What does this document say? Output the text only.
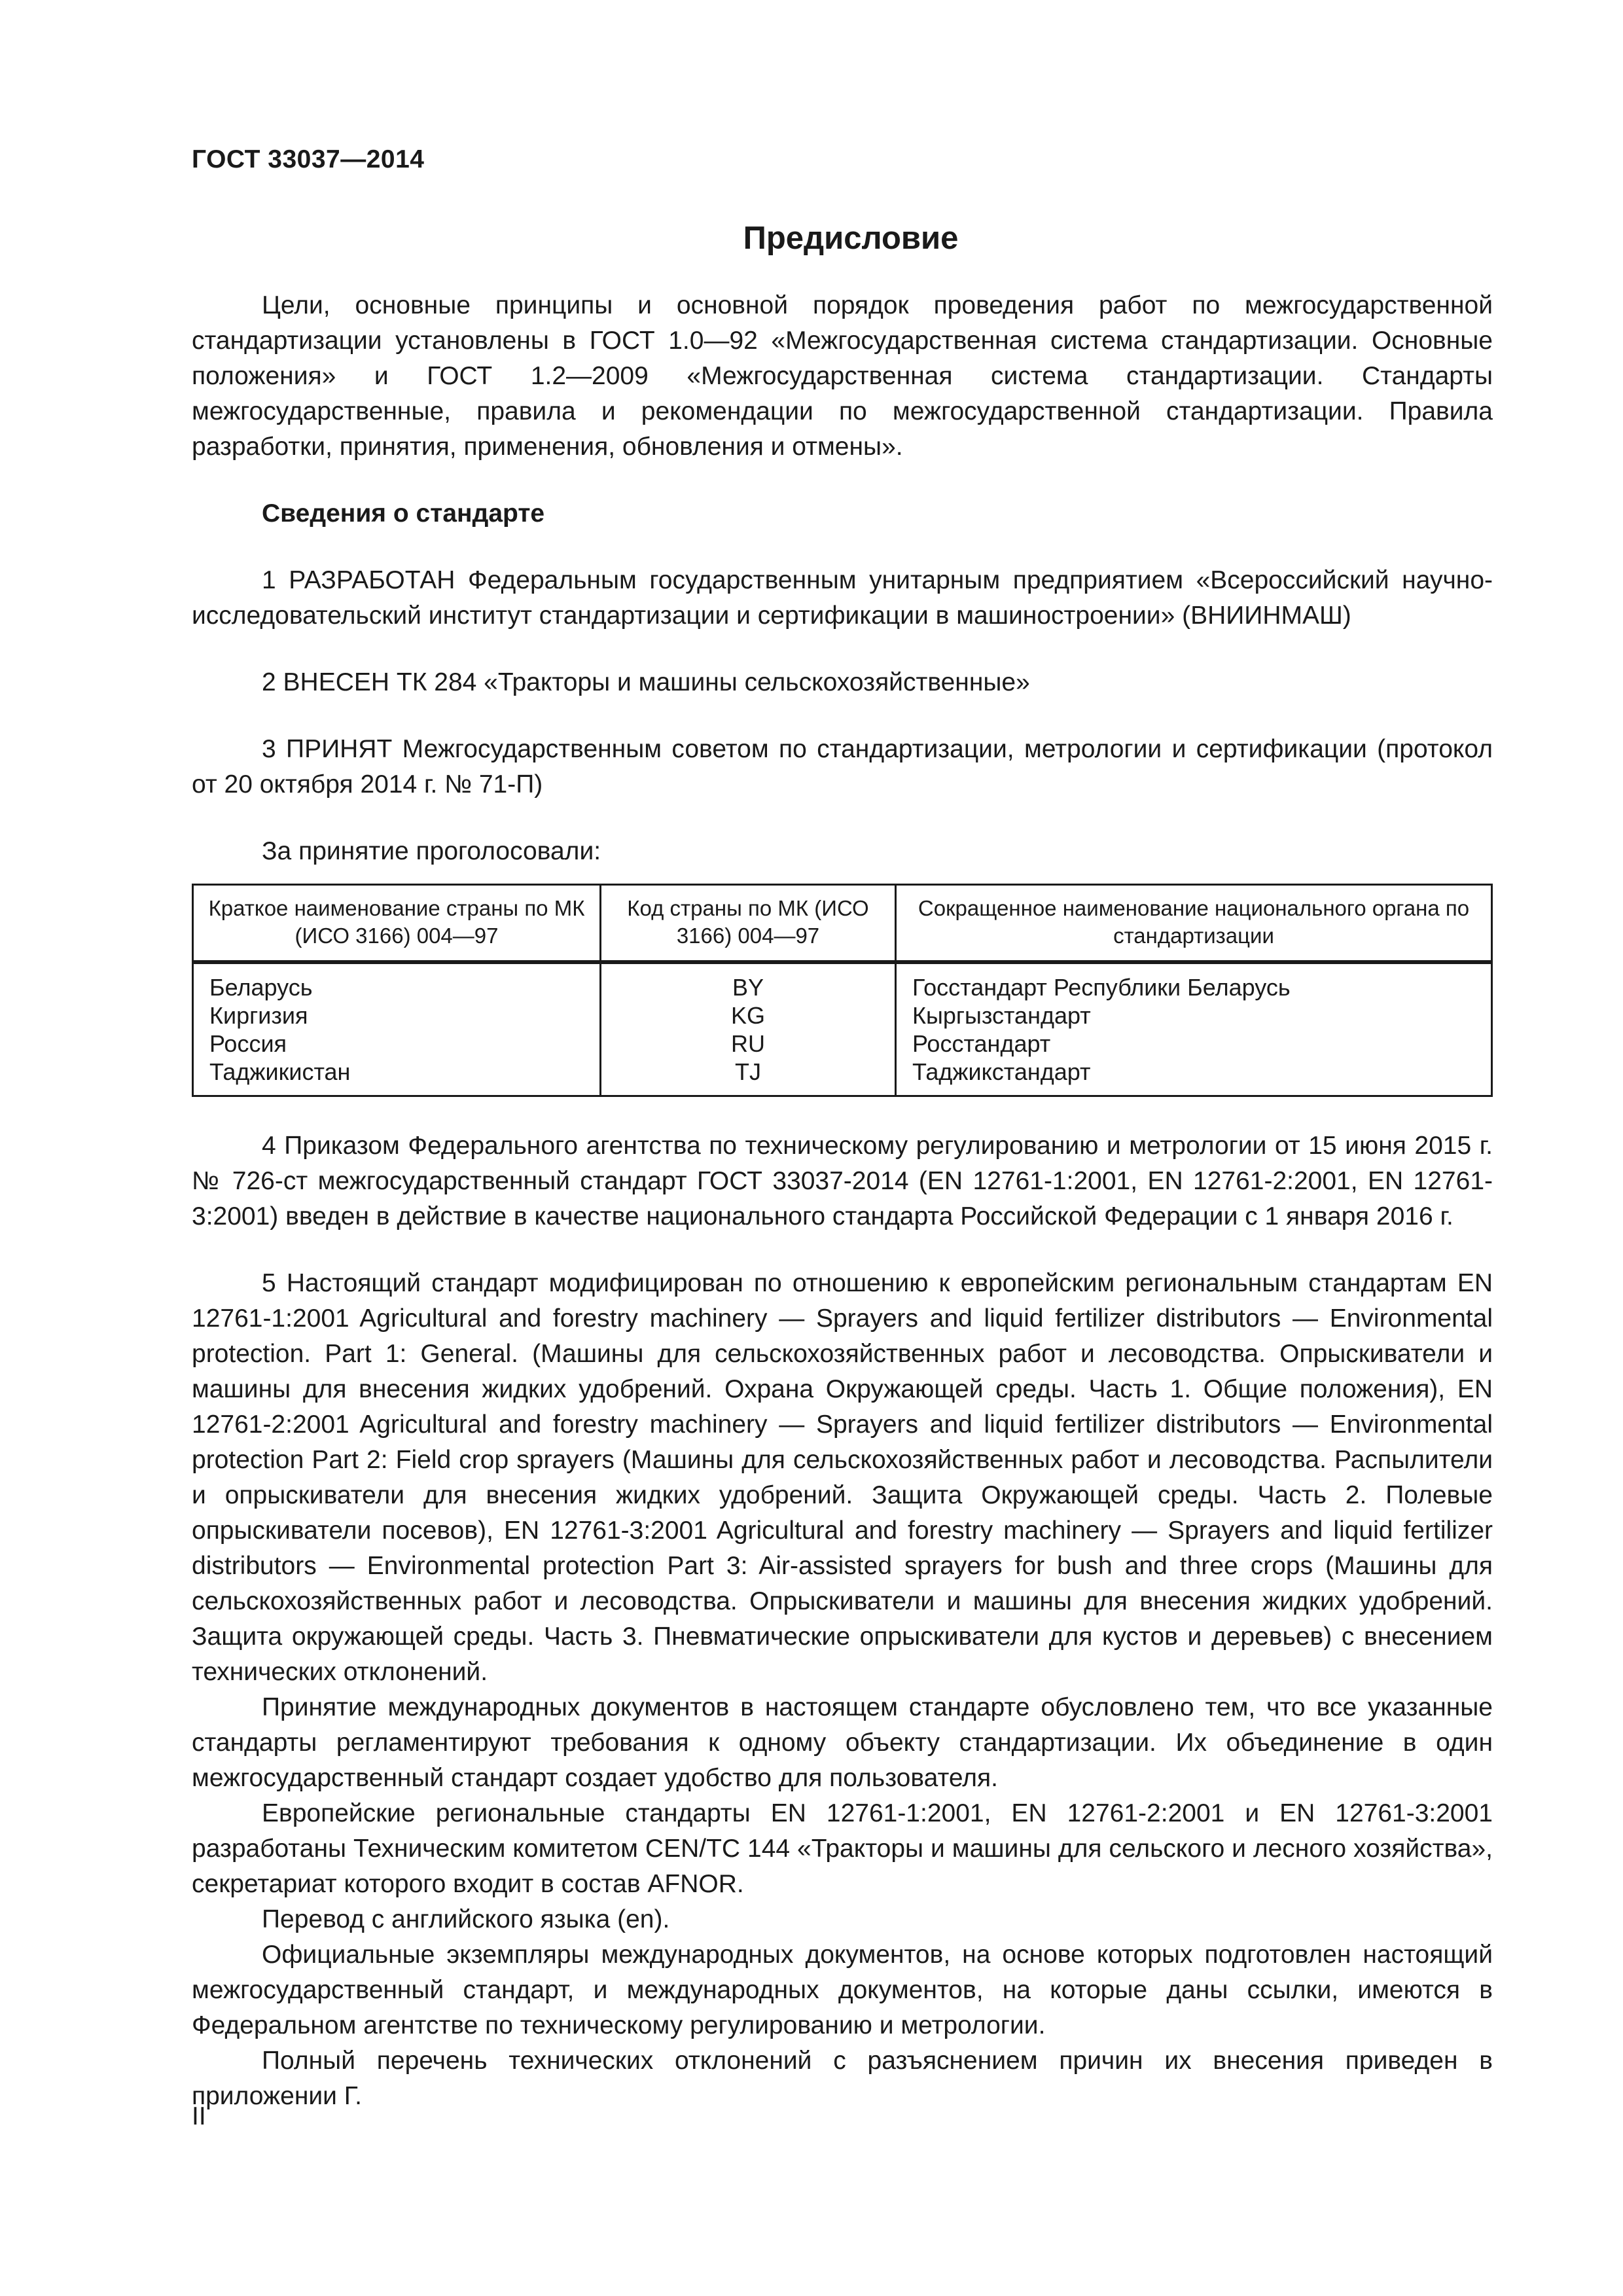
ГОСТ 33037—2014
Предисловие

Цели, основные принципы и основной порядок проведения работ по межгосударственной стандартизации установлены в ГОСТ 1.0—92 «Межгосударственная система стандартизации. Основные положения» и ГОСТ 1.2—2009 «Межгосударственная система стандартизации. Стандарты межгосударственные, правила и рекомендации по межгосударственной стандартизации. Правила разработки, принятия, применения, обновления и отмены».

Сведения о стандарте

1 РАЗРАБОТАН Федеральным государственным унитарным предприятием «Всероссийский научно-исследовательский институт стандартизации и сертификации в машиностроении» (ВНИИНМАШ)

2 ВНЕСЕН ТК 284 «Тракторы и машины сельскохозяйственные»

3 ПРИНЯТ Межгосударственным советом по стандартизации, метрологии и сертификации (протокол от 20 октября 2014 г. № 71-П)

За принятие проголосовали:

Краткое наименование страны по МК (ИСО 3166) 004—97	Код страны по МК (ИСО 3166) 004—97	Сокращенное наименование национального органа по стандартизации

Беларусь	BY	Госстандарт Республики Беларусь
Киргизия	KG	Кыргызстандарт
Россия	RU	Росстандарт
Таджикистан	TJ	Таджикстандарт

4 Приказом Федерального агентства по техническому регулированию и метрологии от 15 июня 2015 г. № 726-ст межгосударственный стандарт ГОСТ 33037-2014 (EN 12761-1:2001, EN 12761-2:2001, EN 12761-3:2001) введен в действие в качестве национального стандарта Российской Федерации с 1 января 2016 г.

5 Настоящий стандарт модифицирован по отношению к европейским региональным стандартам EN 12761-1:2001 Agricultural and forestry machinery — Sprayers and liquid fertilizer distributors — Environmental protection. Part 1: General. (Машины для сельскохозяйственных работ и лесоводства. Опрыскиватели и машины для внесения жидких удобрений. Охрана Окружающей среды. Часть 1. Общие положения), EN 12761-2:2001 Agricultural and forestry machinery — Sprayers and liquid fertilizer distributors — Environmental protection Part 2: Field crop sprayers (Машины для сельскохозяйственных работ и лесоводства. Распылители и опрыскиватели для внесения жидких удобрений. Защита Окружающей среды. Часть 2. Полевые опрыскиватели посевов), EN 12761-3:2001 Agricultural and forestry machinery — Sprayers and liquid fertilizer distributors — Environmental protection Part 3: Air-assisted sprayers for bush and three crops (Машины для сельскохозяйственных работ и лесоводства. Опрыскиватели и машины для внесения жидких удобрений. Защита окружающей среды. Часть 3. Пневматические опрыскиватели для кустов и деревьев) с внесением технических отклонений.

Принятие международных документов в настоящем стандарте обусловлено тем, что все указанные стандарты регламентируют требования к одному объекту стандартизации. Их объединение в один межгосударственный стандарт создает удобство для пользователя.

Европейские региональные стандарты EN 12761-1:2001, EN 12761-2:2001 и EN 12761-3:2001 разработаны Техническим комитетом CEN/TC 144 «Тракторы и машины для сельского и лесного хозяйства», секретариат которого входит в состав AFNOR.

Перевод с английского языка (en).

Официальные экземпляры международных документов, на основе которых подготовлен настоящий межгосударственный стандарт, и международных документов, на которые даны ссылки, имеются в Федеральном агентстве по техническому регулированию и метрологии.

Полный перечень технических отклонений с разъяснением причин их внесения приведен в приложении Г.

II
